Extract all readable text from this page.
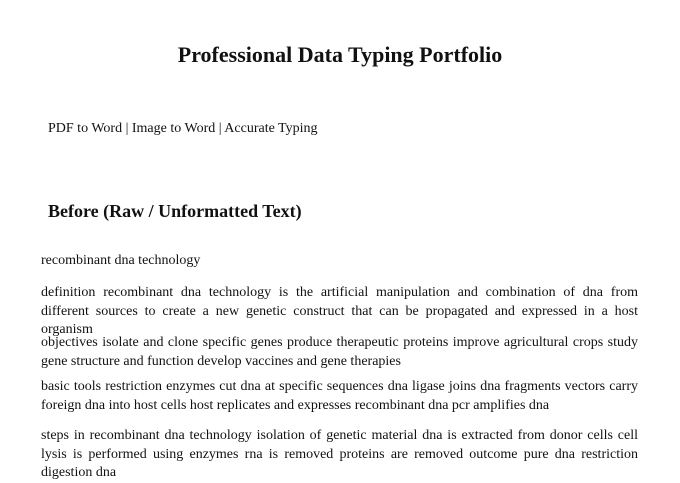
Professional Data Typing Portfolio

PDF to Word | Image to Word | Accurate Typing

Before (Raw / Unformatted Text)

recombinant dna technology

definition recombinant dna technology is the artificial manipulation and combination of dna from different sources to create a new genetic construct that can be propagated and expressed in a host organism

objectives isolate and clone specific genes produce therapeutic proteins improve agricultural crops study gene structure and function develop vaccines and gene therapies

basic tools restriction enzymes cut dna at specific sequences dna ligase joins dna fragments vectors carry foreign dna into host cells host replicates and expresses recombinant dna pcr amplifies dna

steps in recombinant dna technology isolation of genetic material dna is extracted from donor cells cell lysis is performed using enzymes rna is removed proteins are removed outcome pure dna restriction digestion dna
